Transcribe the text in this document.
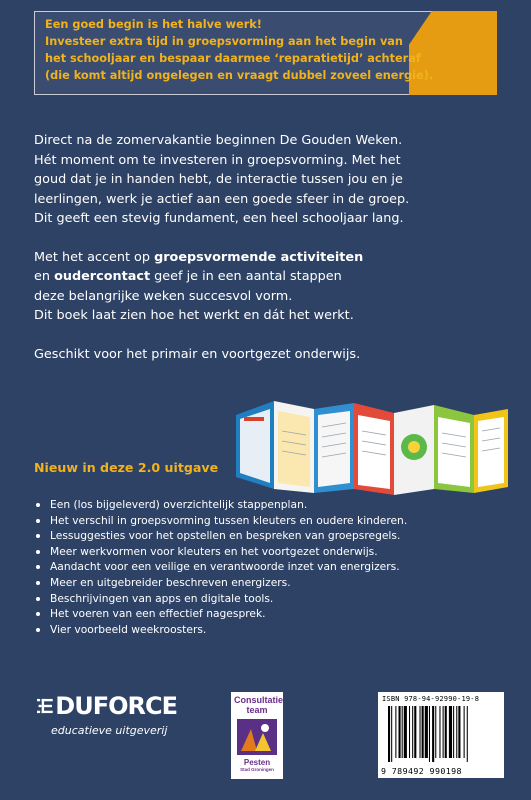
Een goed begin is het halve werk!

Investeer extra tijd in groepsvorming aan het begin van

het schooljaar en bespaar daarmee ‘reparatietijd’ achteraf

(die komt altijd ongelegen en vraagt dubbel zoveel energie).

Direct na de zomervakantie beginnen De Gouden Weken.
Hét moment om te investeren in groepsvorming. Met het
goud dat je in handen hebt, de interactie tussen jou en je
leerlingen, werk je actief aan een goede sfeer in de groep.
Dit geeft een stevig fundament, een heel schooljaar lang.

Met het accent op groepsvormende activiteiten
en oudercontact geef je in een aantal stappen
deze belangrijke weken succesvol vorm.
Dit boek laat zien hoe het werkt en dát het werkt.

Geschikt voor het primair en voortgezet onderwijs.

Nieuw in deze 2.0 uitgave
Een (los bijgeleverd) overzichtelijk stappenplan.
Het verschil in groepsvorming tussen kleuters en oudere kinderen.
Lessuggesties voor het opstellen en bespreken van groepsregels.
Meer werkvormen voor kleuters en het voortgezet onderwijs.
Aandacht voor een veilige en verantwoorde inzet van energizers.
Meer en uitgebreider beschreven energizers.
Beschrijvingen van apps en digitale tools.
Het voeren van een effectief nagesprek.
Vier voorbeeld weekroosters.
DUFORCE
educatieve uitgeverij
Consultatie
team
Pesten
Stad Groningen
ISBN 978-94-92990-19-8
9 789492 990198
